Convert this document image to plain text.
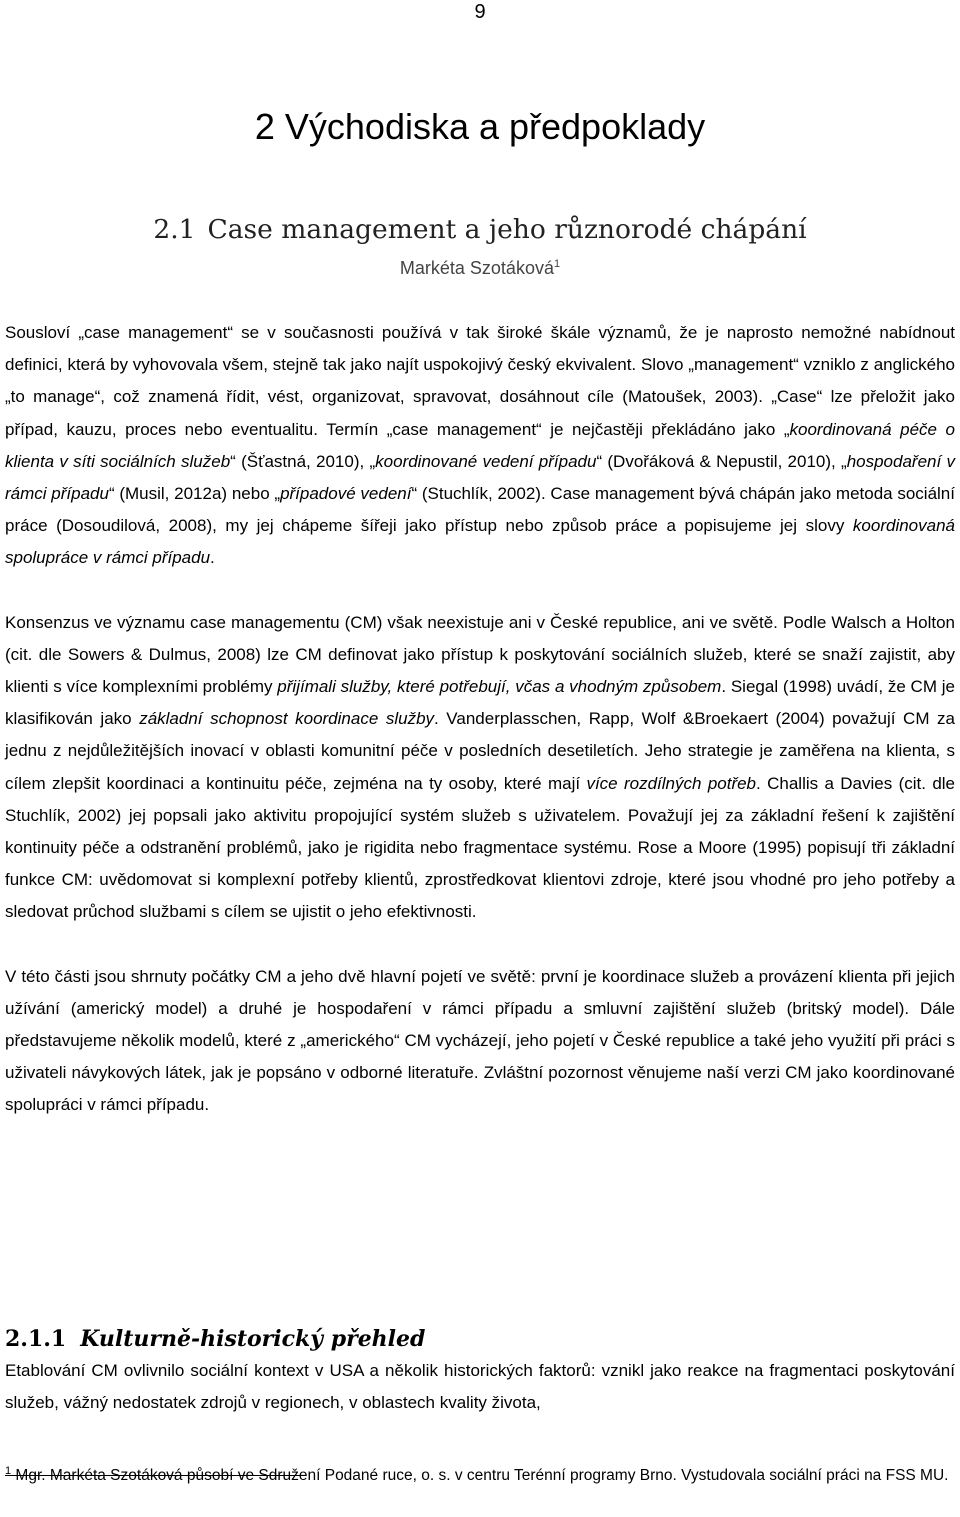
9
2 Východiska a předpoklady
2.1 Case management a jeho různorodé chápání
Markéta Szotáková$^1$

Sousloví „case management“ se v současnosti používá v tak široké škále významů, že je naprosto nemožné nabídnout definici, která by vyhovovala všem, stejně tak jako najít uspokojivý český ekvivalent. Slovo „management“ vzniklo z anglického „to manage“, což znamená řídit, vést, organizovat, spravovat, dosáhnout cíle (Matoušek, 2003). „Case“ lze přeložit jako případ, kauzu, proces nebo eventualitu. Termín „case management“ je nejčastěji překládáno jako „koordinovaná péče o klienta v síti sociálních služeb“ (Šťastná, 2010), „koordinované vedení případu“ (Dvořáková & Nepustil, 2010), „hospodaření v rámci případu“ (Musil, 2012a) nebo „případové vedení“ (Stuchlík, 2002). Case management bývá chápán jako metoda sociální práce (Dosoudilová, 2008), my jej chápeme šířeji jako přístup nebo způsob práce a popisujeme jej slovy koordinovaná spolupráce v rámci případu.

Konsenzus ve významu case managementu (CM) však neexistuje ani v České republice, ani ve světě. Podle Walsch a Holton (cit. dle Sowers & Dulmus, 2008) lze CM definovat jako přístup k poskytování sociálních služeb, které se snaží zajistit, aby klienti s více komplexními problémy přijímali služby, které potřebují, včas a vhodným způsobem. Siegal (1998) uvádí, že CM je klasifikován jako základní schopnost koordinace služby. Vanderplasschen, Rapp, Wolf &Broekaert (2004) považují CM za jednu z nejdůležitějších inovací v oblasti komunitní péče v posledních desetiletích. Jeho strategie je zaměřena na klienta, s cílem zlepšit koordinaci a kontinuitu péče, zejména na ty osoby, které mají více rozdílných potřeb. Challis a Davies (cit. dle Stuchlík, 2002) jej popsali jako aktivitu propojující systém služeb s uživatelem. Považují jej za základní řešení k zajištění kontinuity péče a odstranění problémů, jako je rigidita nebo fragmentace systému. Rose a Moore (1995) popisují tři základní funkce CM: uvědomovat si komplexní potřeby klientů, zprostředkovat klientovi zdroje, které jsou vhodné pro jeho potřeby a sledovat průchod službami s cílem se ujistit o jeho efektivnosti.

V této části jsou shrnuty počátky CM a jeho dvě hlavní pojetí ve světě: první je koordinace služeb a provázení klienta při jejich užívání (americký model) a druhé je hospodaření v rámci případu a smluvní zajištění služeb (britský model). Dále představujeme několik modelů, které z „amerického“ CM vycházejí, jeho pojetí v České republice a také jeho využití při práci s uživateli návykových látek, jak je popsáno v odborné literatuře. Zvláštní pozornost věnujeme naší verzi CM jako koordinované spolupráci v rámci případu.

2.1.1 Kulturně-historický přehled

Etablování CM ovlivnilo sociální kontext v USA a několik historických faktorů: vznikl jako reakce na fragmentaci poskytování služeb, vážný nedostatek zdrojů v regionech, v oblastech kvality života,

$^1$ Mgr. Markéta Szotáková působí ve Sdružení Podané ruce, o. s. v centru Terénní programy Brno. Vystudovala sociální práci na FSS MU.
